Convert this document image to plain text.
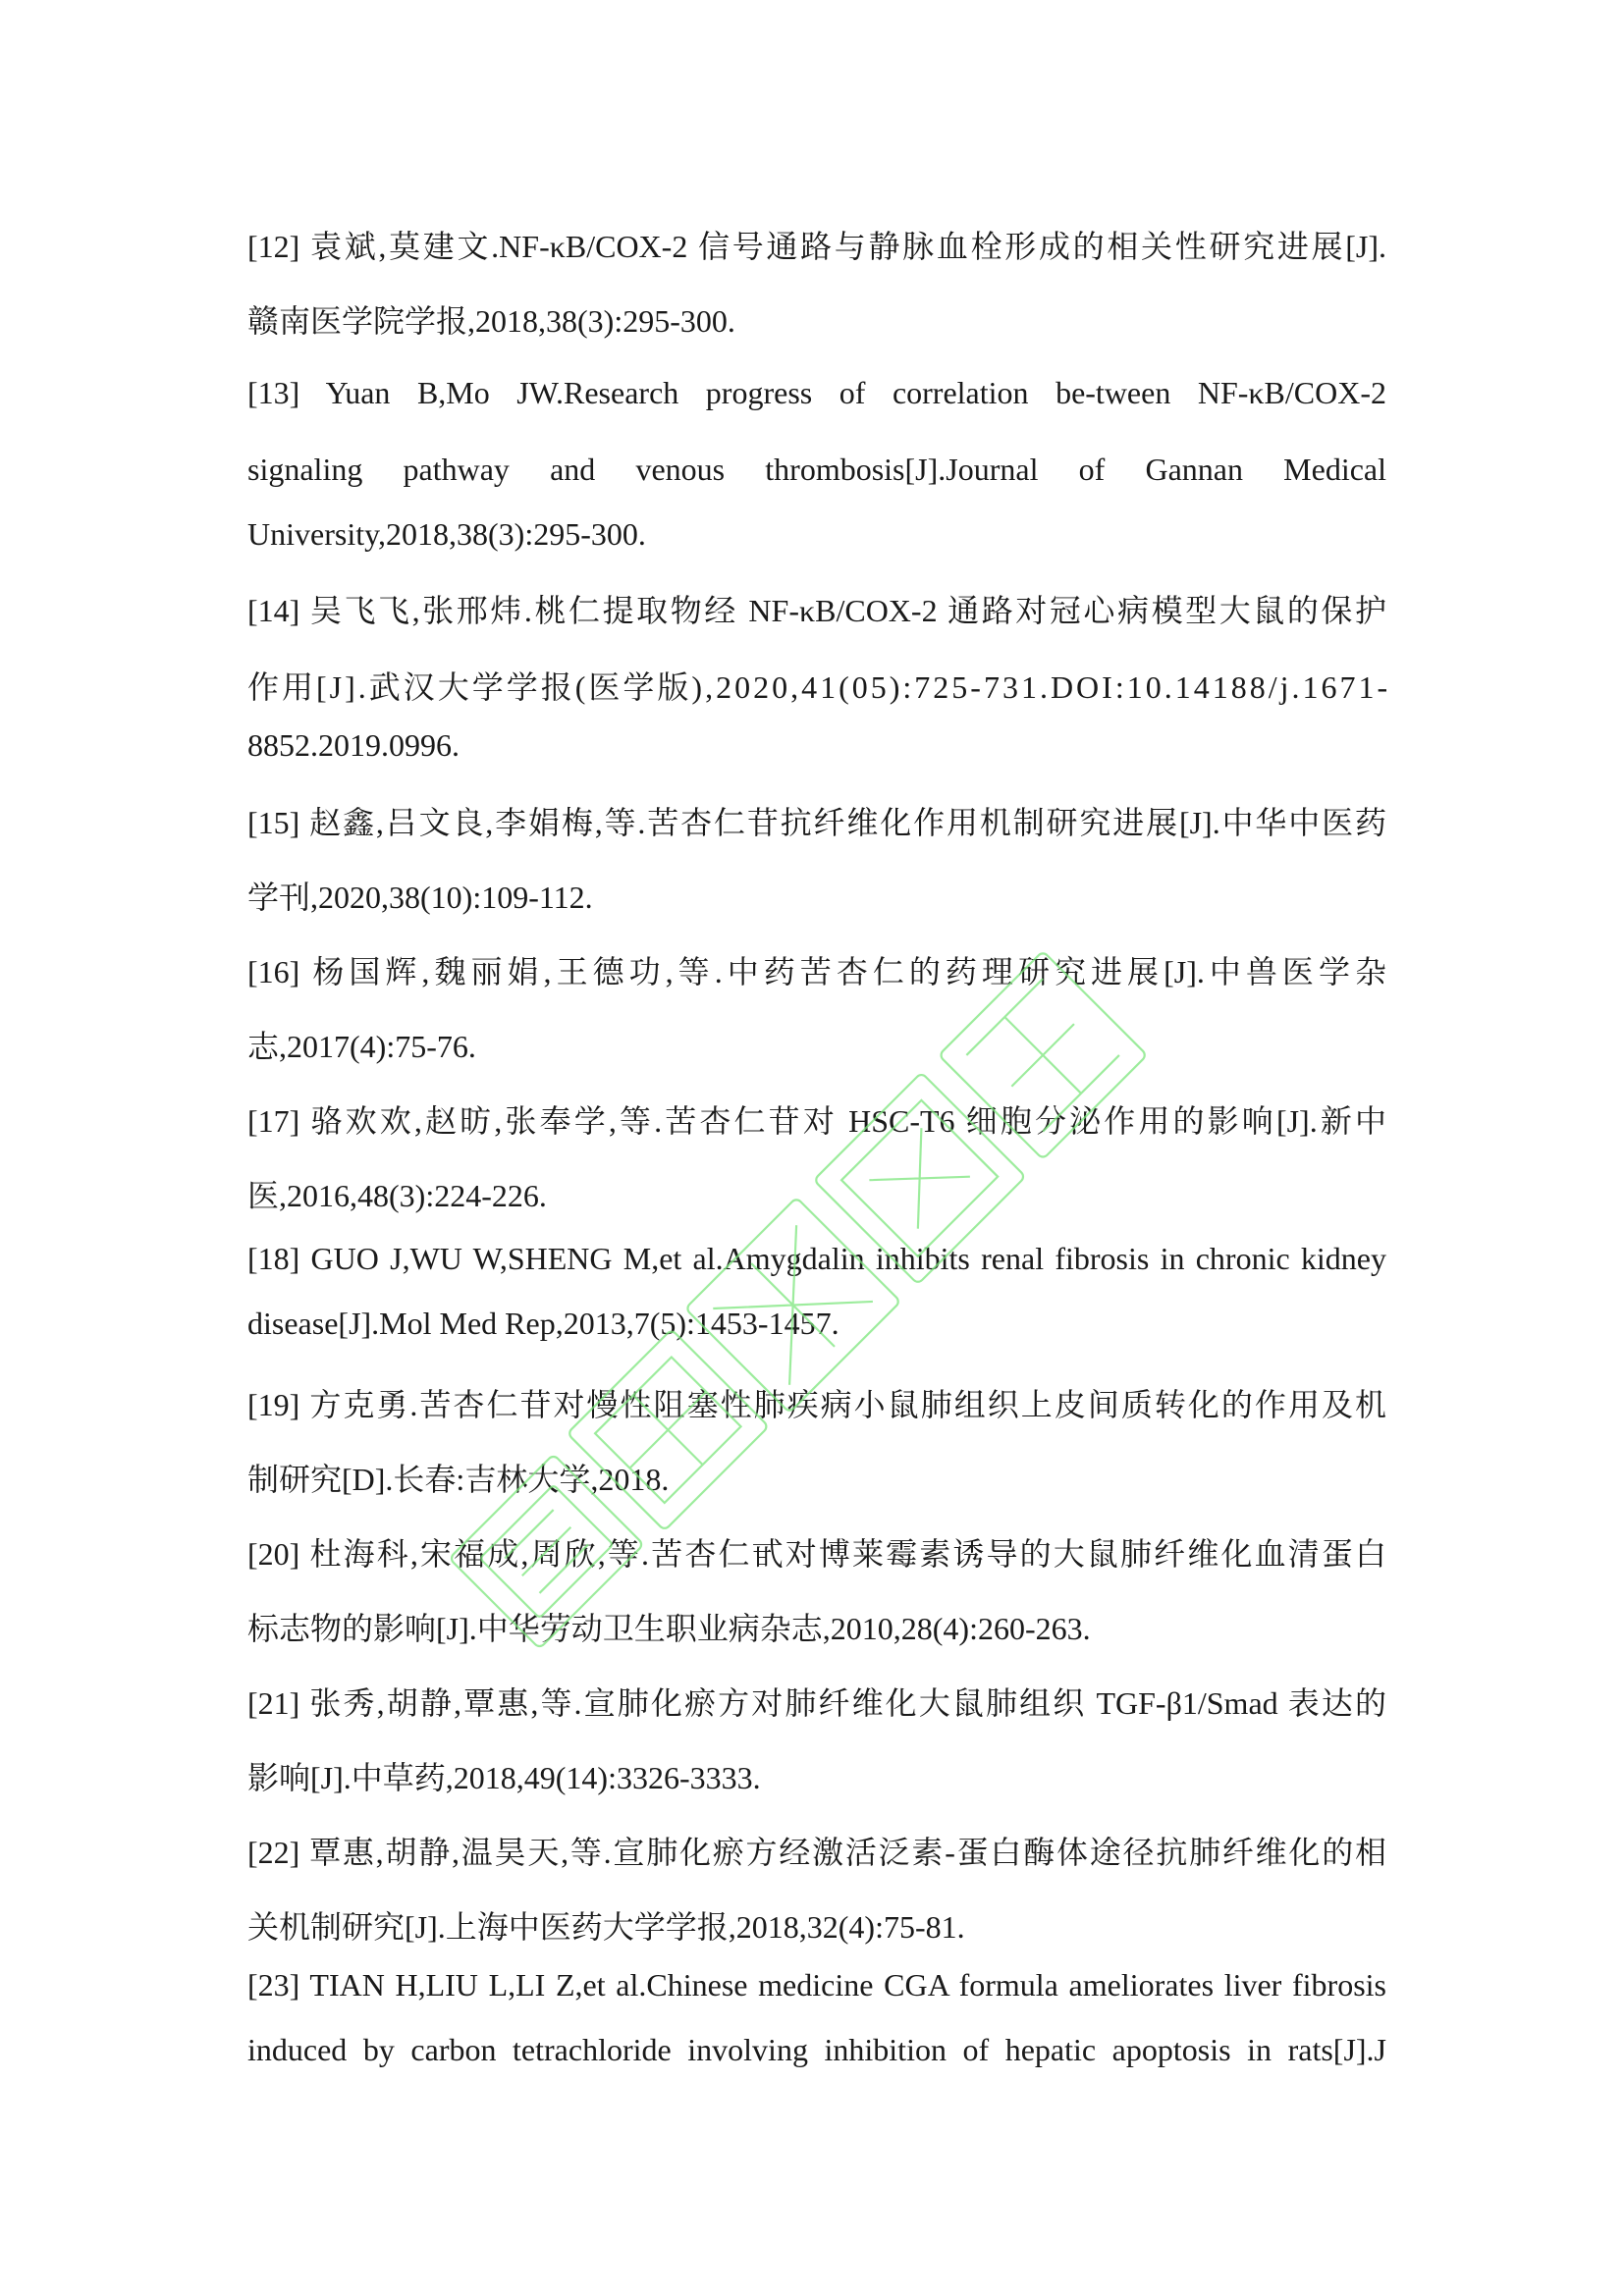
[12] 袁斌,莫建文.NF-κB/COX-2 信号通路与静脉血栓形成的相关性研究进展[J].
赣南医学院学报,2018,38(3):295-300.
[13] Yuan B,Mo JW.Research progress of correlation be-tween NF-κB/COX-2
signaling pathway and venous thrombosis[J].Journal of Gannan Medical
University,2018,38(3):295-300.
[14] 吴飞飞,张邢炜.桃仁提取物经 NF-κB/COX-2 通路对冠心病模型大鼠的保护
作用[J].武汉大学学报(医学版),2020,41(05):725-731.DOI:10.14188/j.1671-
8852.2019.0996.
[15] 赵鑫,吕文良,李娟梅,等.苦杏仁苷抗纤维化作用机制研究进展[J].中华中医药
学刊,2020,38(10):109-112.
[16] 杨国辉,魏丽娟,王德功,等.中药苦杏仁的药理研究进展[J].中兽医学杂
志,2017(4):75-76.
[17] 骆欢欢,赵昉,张奉学,等.苦杏仁苷对 HSC-T6 细胞分泌作用的影响[J].新中
医,2016,48(3):224-226.
[18] GUO J,WU W,SHENG M,et al.Amygdalin inhibits renal fibrosis in chronic kidney
disease[J].Mol Med Rep,2013,7(5):1453-1457.
[19] 方克勇.苦杏仁苷对慢性阻塞性肺疾病小鼠肺组织上皮间质转化的作用及机
制研究[D].长春:吉林大学,2018.
[20] 杜海科,宋福成,周欣,等.苦杏仁甙对博莱霉素诱导的大鼠肺纤维化血清蛋白
标志物的影响[J].中华劳动卫生职业病杂志,2010,28(4):260-263.
[21] 张秀,胡静,覃惠,等.宣肺化瘀方对肺纤维化大鼠肺组织 TGF-β1/Smad 表达的
影响[J].中草药,2018,49(14):3326-3333.
[22] 覃惠,胡静,温昊天,等.宣肺化瘀方经激活泛素-蛋白酶体途径抗肺纤维化的相
关机制研究[J].上海中医药大学学报,2018,32(4):75-81.
[23] TIAN H,LIU L,LI Z,et al.Chinese medicine CGA formula ameliorates liver fibrosis
induced by carbon tetrachloride involving inhibition of hepatic apoptosis in rats[J].J
